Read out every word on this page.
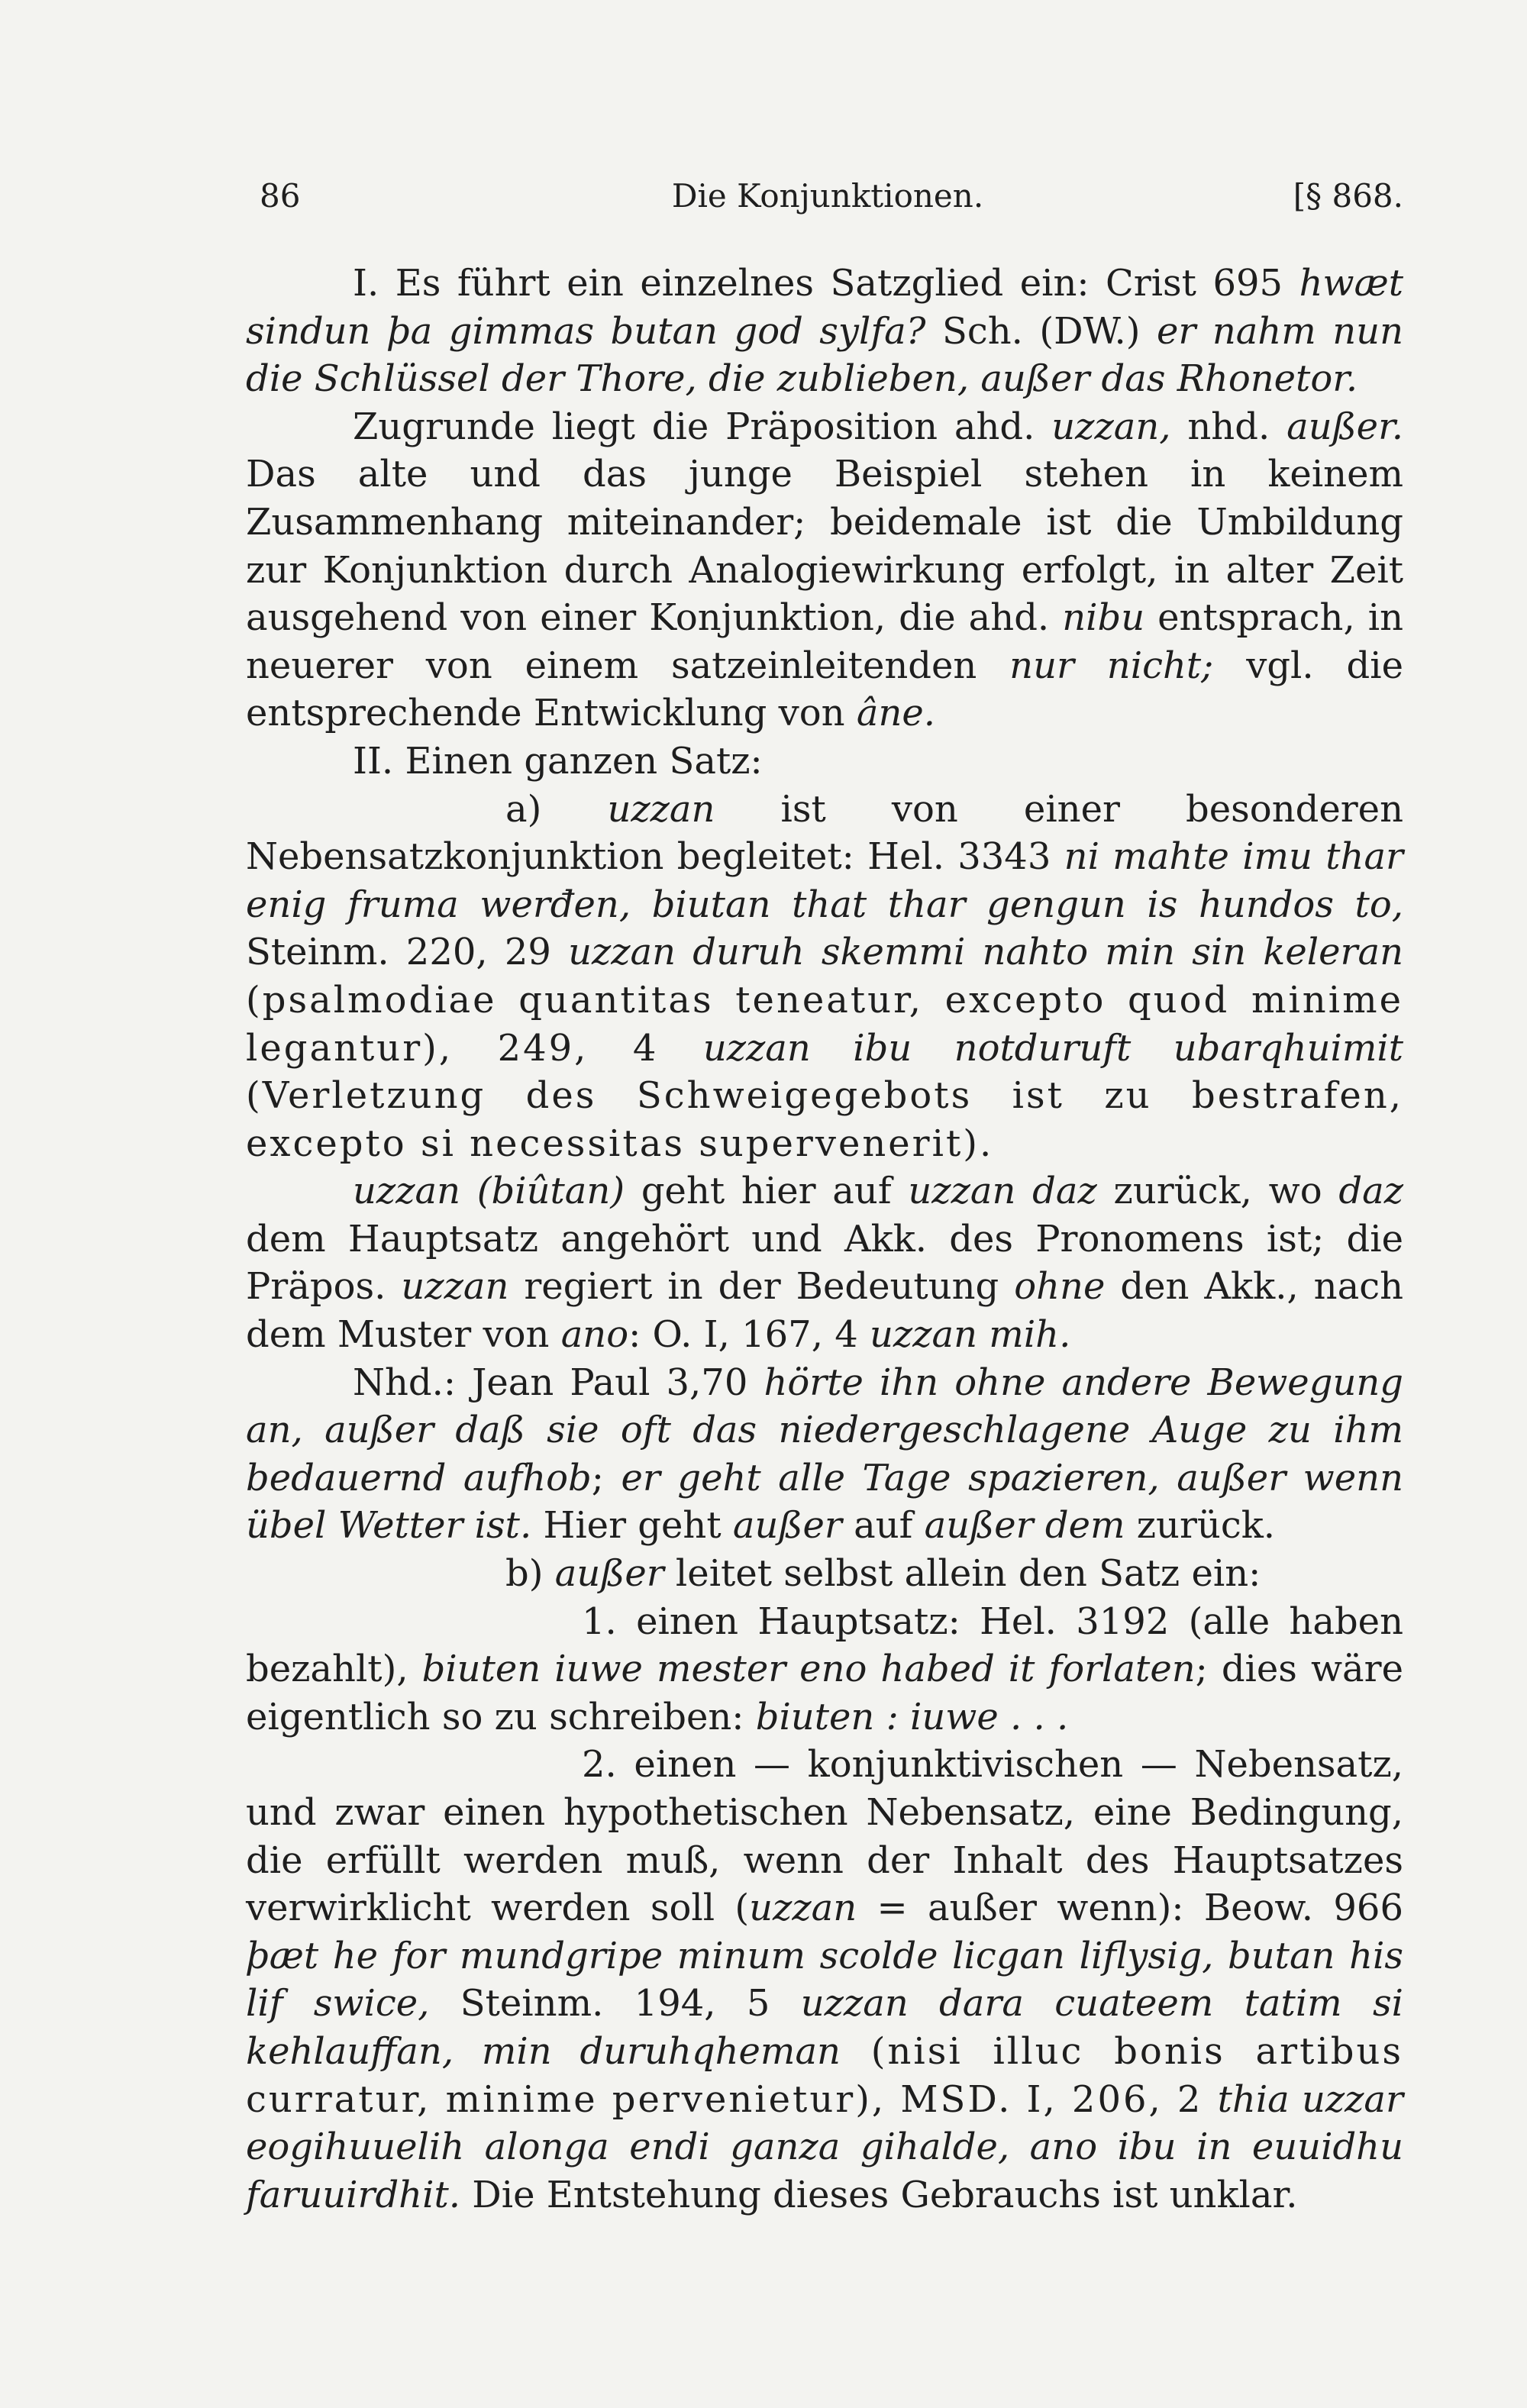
86	Die Konjunktionen.	[§ 868.

I. Es führt ein einzelnes Satzglied ein: Crist 695 hwæt sindun þa gimmas butan god sylfa? Sch. (DW.) er nahm nun die Schlüssel der Thore, die zublieben, außer das Rhonetor.

Zugrunde liegt die Präposition ahd. uzzan, nhd. außer. Das alte und das junge Beispiel stehen in keinem Zusammenhang miteinander; beidemale ist die Umbildung zur Konjunktion durch Analogiewirkung erfolgt, in alter Zeit ausgehend von einer Konjunktion, die ahd. nibu entsprach, in neuerer von einem satzeinleitenden nur nicht; vgl. die entsprechende Entwicklung von âne.

II. Einen ganzen Satz:

a) uzzan ist von einer besonderen Nebensatzkonjunktion begleitet: Hel. 3343 ni mahte imu thar enig fruma werđen, biutan that thar gengun is hundos to, Steinm. 220, 29 uzzan duruh skemmi nahto min sin keleran (psalmodiae quantitas teneatur, excepto quod minime legantur), 249, 4 uzzan ibu notduruft ubarqhuimit (Verletzung des Schweigegebots ist zu bestrafen, excepto si necessitas supervenerit).

uzzan (biûtan) geht hier auf uzzan daz zurück, wo daz dem Hauptsatz angehört und Akk. des Pronomens ist; die Präpos. uzzan regiert in der Bedeutung ohne den Akk., nach dem Muster von ano: O. I, 167, 4 uzzan mih.

Nhd.: Jean Paul 3,70 hörte ihn ohne andere Bewegung an, außer daß sie oft das niedergeschlagene Auge zu ihm bedauernd aufhob; er geht alle Tage spazieren, außer wenn übel Wetter ist. Hier geht außer auf außer dem zurück.

b) außer leitet selbst allein den Satz ein:

1. einen Hauptsatz: Hel. 3192 (alle haben bezahlt), biuten iuwe mester eno habed it forlaten; dies wäre eigentlich so zu schreiben: biuten : iuwe . . .

2. einen — konjunktivischen — Nebensatz, und zwar einen hypothetischen Nebensatz, eine Bedingung, die erfüllt werden muß, wenn der Inhalt des Hauptsatzes verwirklicht werden soll (uzzan = außer wenn): Beow. 966 þæt he for mundgripe minum scolde licgan liflysig, butan his lif swice, Steinm. 194, 5 uzzan dara cuateem tatim si kehlauffan, min duruhqheman (nisi illuc bonis artibus curratur, minime pervenietur), MSD. I, 206, 2 thia uzzar eogihuuelih alonga endi ganza gihalde, ano ibu in euuidhu faruuirdhit. Die Entstehung dieses Gebrauchs ist unklar.
